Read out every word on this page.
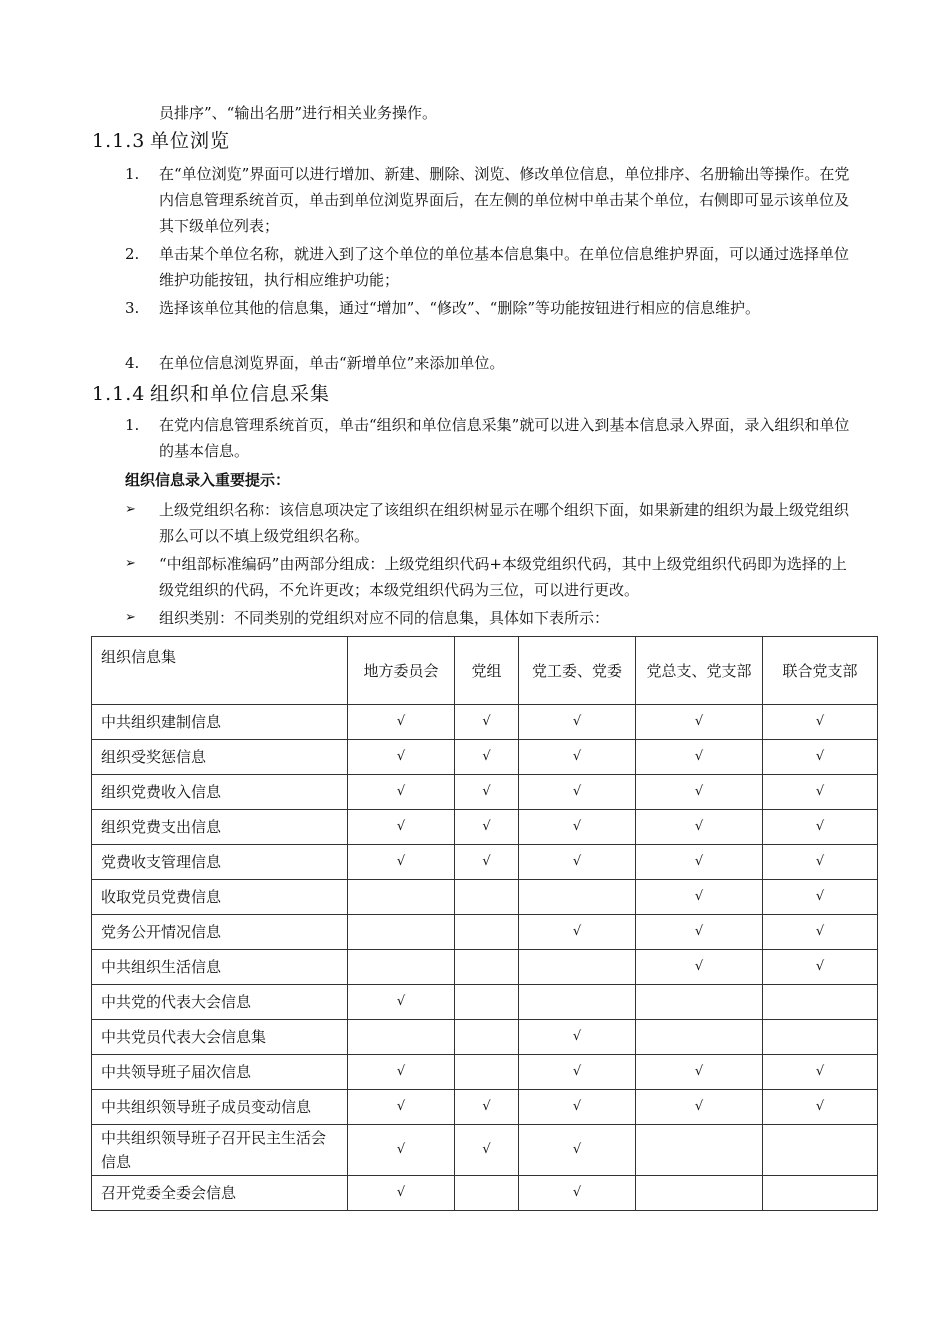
员排序”、“输出名册”进行相关业务操作。
1.1.3 单位浏览
1.	在“单位浏览”界面可以进行增加、新建、删除、浏览、修改单位信息，单位排序、名册输出等操作。在党内信息管理系统首页，单击到单位浏览界面后，在左侧的单位树中单击某个单位，右侧即可显示该单位及其下级单位列表；
2.	单击某个单位名称，就进入到了这个单位的单位基本信息集中。在单位信息维护界面，可以通过选择单位维护功能按钮，执行相应维护功能；
3.	选择该单位其他的信息集，通过“增加”、“修改”、“删除”等功能按钮进行相应的信息维护。
4.	在单位信息浏览界面，单击“新增单位”来添加单位。
1.1.4 组织和单位信息采集
1.	在党内信息管理系统首页，单击“组织和单位信息采集”就可以进入到基本信息录入界面，录入组织和单位的基本信息。
组织信息录入重要提示：
➢ 上级党组织名称：该信息项决定了该组织在组织树显示在哪个组织下面，如果新建的组织为最上级党组织那么可以不填上级党组织名称。
➢ “中组部标准编码”由两部分组成：上级党组织代码+本级党组织代码，其中上级党组织代码即为选择的上级党组织的代码，不允许更改；本级党组织代码为三位，可以进行更改。
➢ 组织类别：不同类别的党组织对应不同的信息集，具体如下表所示：
组织信息集	地方委员会	党组	党工委、党委	党总支、党支部	联合党支部
中共组织建制信息	√	√	√	√	√
组织受奖惩信息	√	√	√	√	√
组织党费收入信息	√	√	√	√	√
组织党费支出信息	√	√	√	√	√
党费收支管理信息	√	√	√	√	√
收取党员党费信息				√	√
党务公开情况信息			√	√	√
中共组织生活信息				√	√
中共党的代表大会信息	√				
中共党员代表大会信息集			√		
中共领导班子届次信息	√		√	√	√
中共组织领导班子成员变动信息	√	√	√	√	√
中共组织领导班子召开民主生活会信息	√	√	√		
召开党委全委会信息	√		√		
